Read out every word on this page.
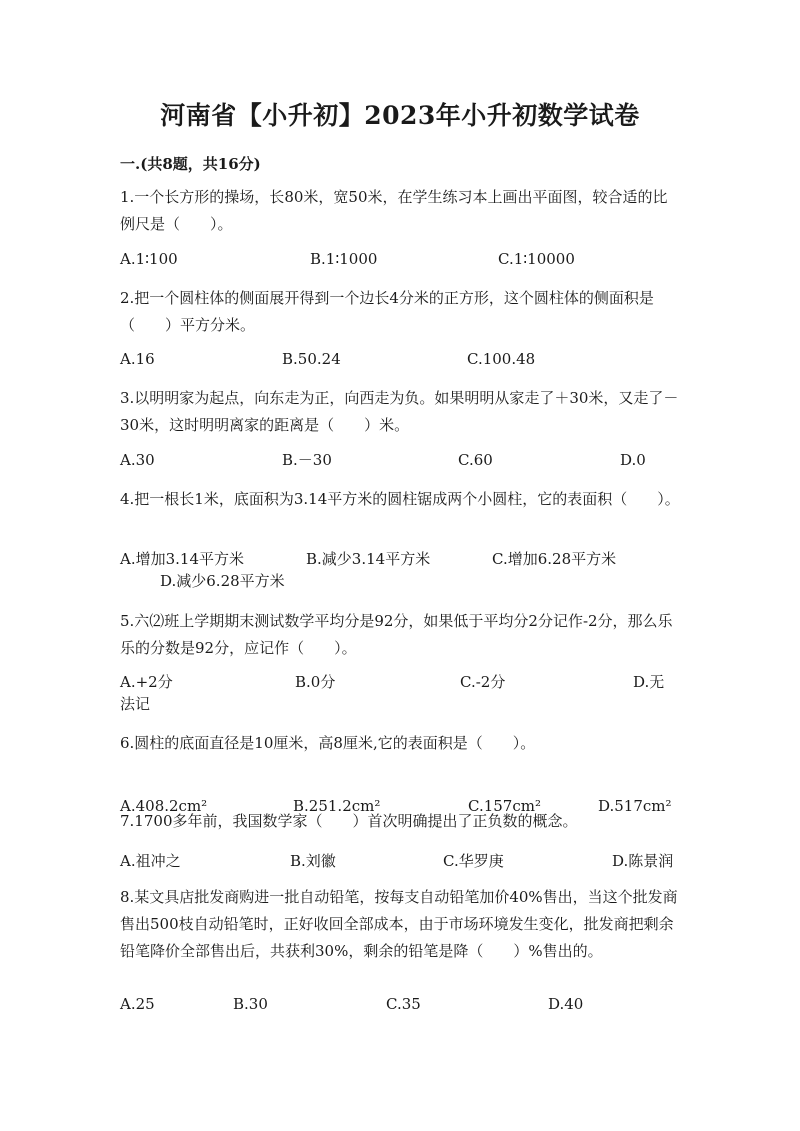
河南省【小升初】2023年小升初数学试卷
一.(共8题，共16分)
1.一个长方形的操场，长80米，宽50米，在学生练习本上画出平面图，较合适的比例尺是（　　）。
A.1∶100	B.1∶1000	C.1∶10000
2.把一个圆柱体的侧面展开得到一个边长4分米的正方形，这个圆柱体的侧面积是（　　）平方分米。
A.16	B.50.24	C.100.48
3.以明明家为起点，向东走为正，向西走为负。如果明明从家走了＋30米，又走了－30米，这时明明离家的距离是（　　）米。
A.30	B.－30	C.60	D.0
4.把一根长1米，底面积为3.14平方米的圆柱锯成两个小圆柱，它的表面积（　　）。
A.增加3.14平方米	B.减少3.14平方米	C.增加6.28平方米
D.减少6.28平方米
5.六⑵班上学期期末测试数学平均分是92分，如果低于平均分2分记作-2分，那么乐乐的分数是92分，应记作（　　）。
A.+2分	B.0分	C.-2分	D.无
法记
6.圆柱的底面直径是10厘米，高8厘米,它的表面积是（　　）。
A.408.2cm²	B.251.2cm²	C.157cm²	D.517cm²
7.1700多年前，我国数学家（　　）首次明确提出了正负数的概念。
A.祖冲之	B.刘徽	C.华罗庚	D.陈景润
8.某文具店批发商购进一批自动铅笔，按每支自动铅笔加价40%售出，当这个批发商售出500枝自动铅笔时，正好收回全部成本，由于市场环境发生变化，批发商把剩余铅笔降价全部售出后，共获利30%，剩余的铅笔是降（　　）%售出的。
A.25	B.30	C.35	D.40
